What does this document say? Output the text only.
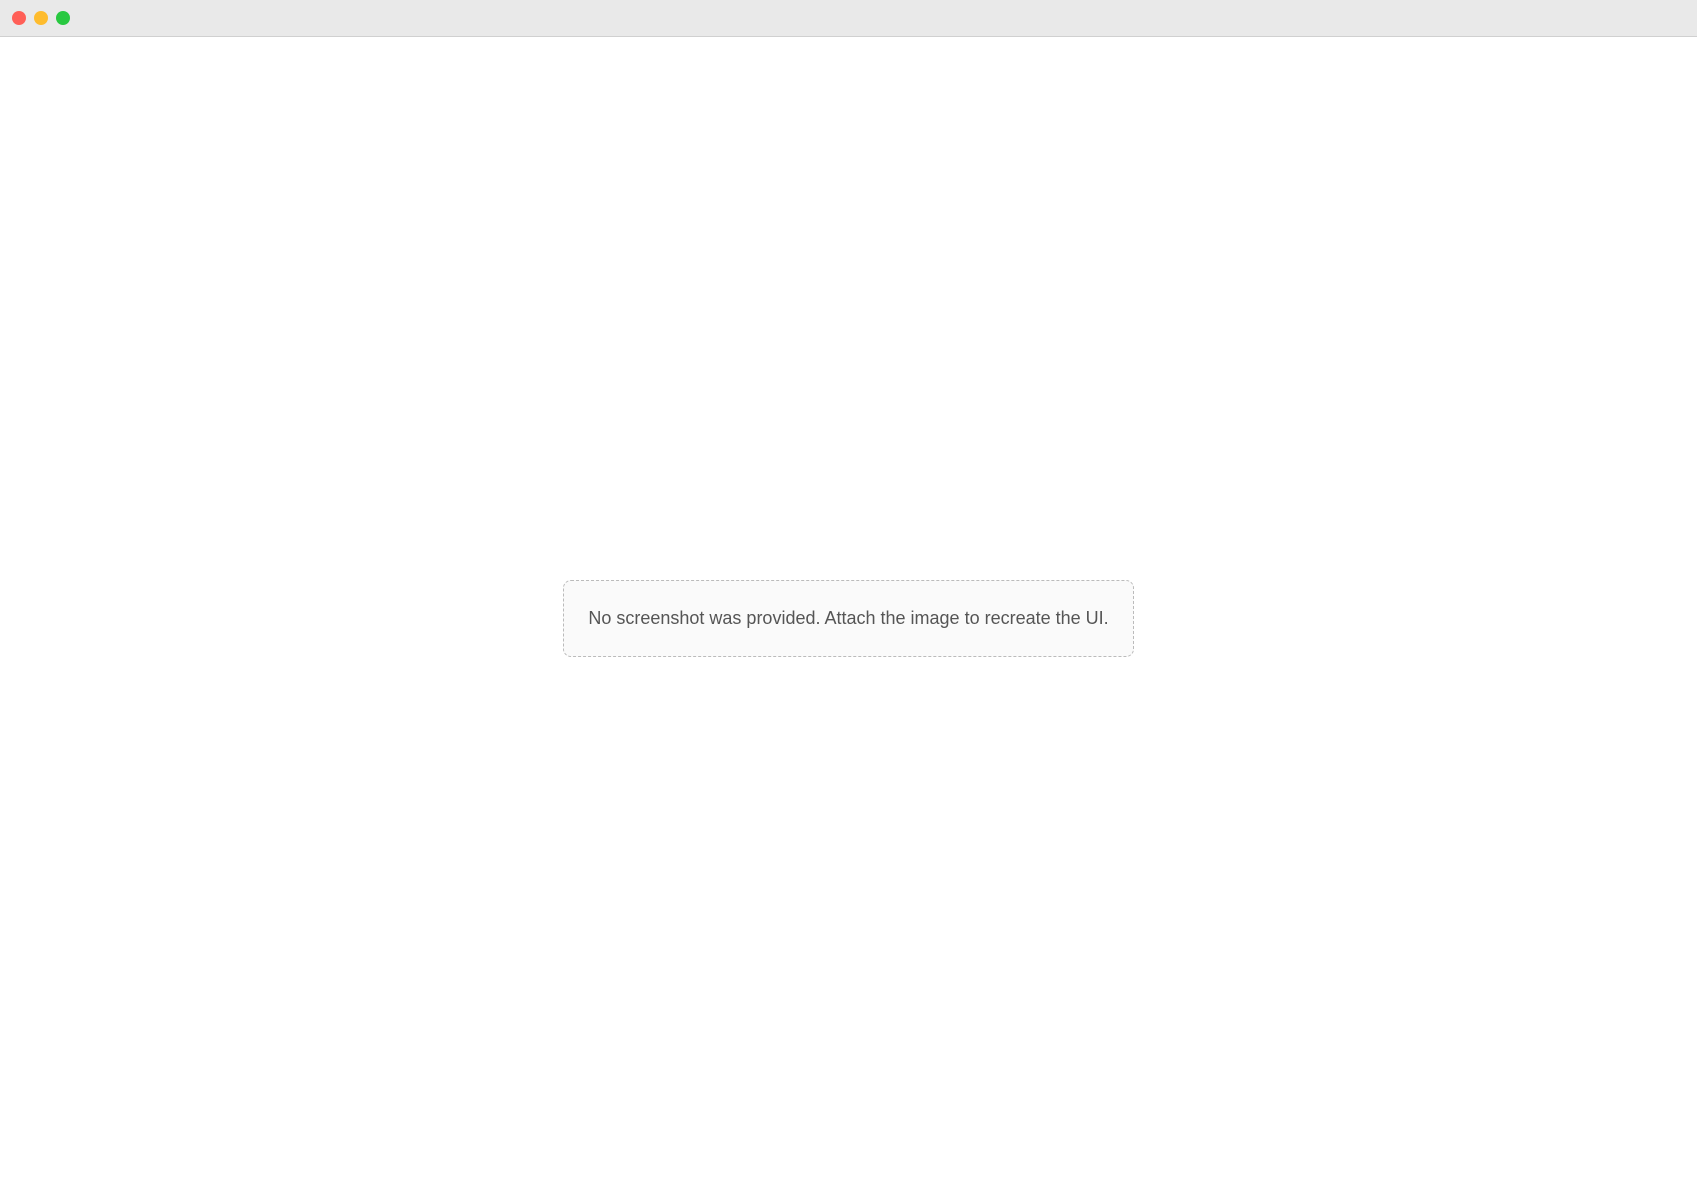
No screenshot was provided. Attach the image to recreate the UI.
